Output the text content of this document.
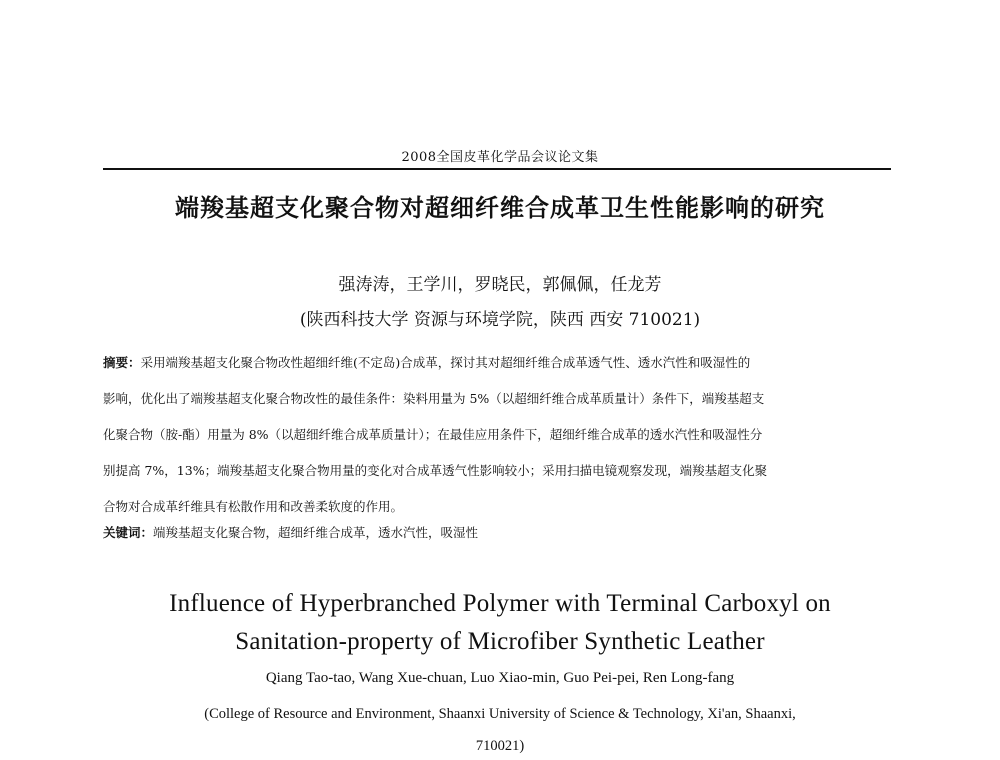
2008全国皮革化学品会议论文集
端羧基超支化聚合物对超细纤维合成革卫生性能影响的研究
强涛涛，王学川，罗晓民，郭佩佩，任龙芳
(陕西科技大学 资源与环境学院，陕西 西安 710021)
摘要：采用端羧基超支化聚合物改性超细纤维(不定岛)合成革，探讨其对超细纤维合成革透气性、透水汽性和吸湿性的
影响，优化出了端羧基超支化聚合物改性的最佳条件：染料用量为 5%（以超细纤维合成革质量计）条件下，端羧基超支
化聚合物（胺-酯）用量为 8%（以超细纤维合成革质量计）；在最佳应用条件下，超细纤维合成革的透水汽性和吸湿性分
别提高 7%，13%；端羧基超支化聚合物用量的变化对合成革透气性影响较小；采用扫描电镜观察发现，端羧基超支化聚
合物对合成革纤维具有松散作用和改善柔软度的作用。
关键词：端羧基超支化聚合物，超细纤维合成革，透水汽性，吸湿性
Influence of Hyperbranched Polymer with Terminal Carboxyl on
Sanitation-property of Microfiber Synthetic Leather
Qiang Tao-tao, Wang Xue-chuan, Luo Xiao-min, Guo Pei-pei, Ren Long-fang
(College of Resource and Environment, Shaanxi University of Science & Technology, Xi'an, Shaanxi,
710021)
